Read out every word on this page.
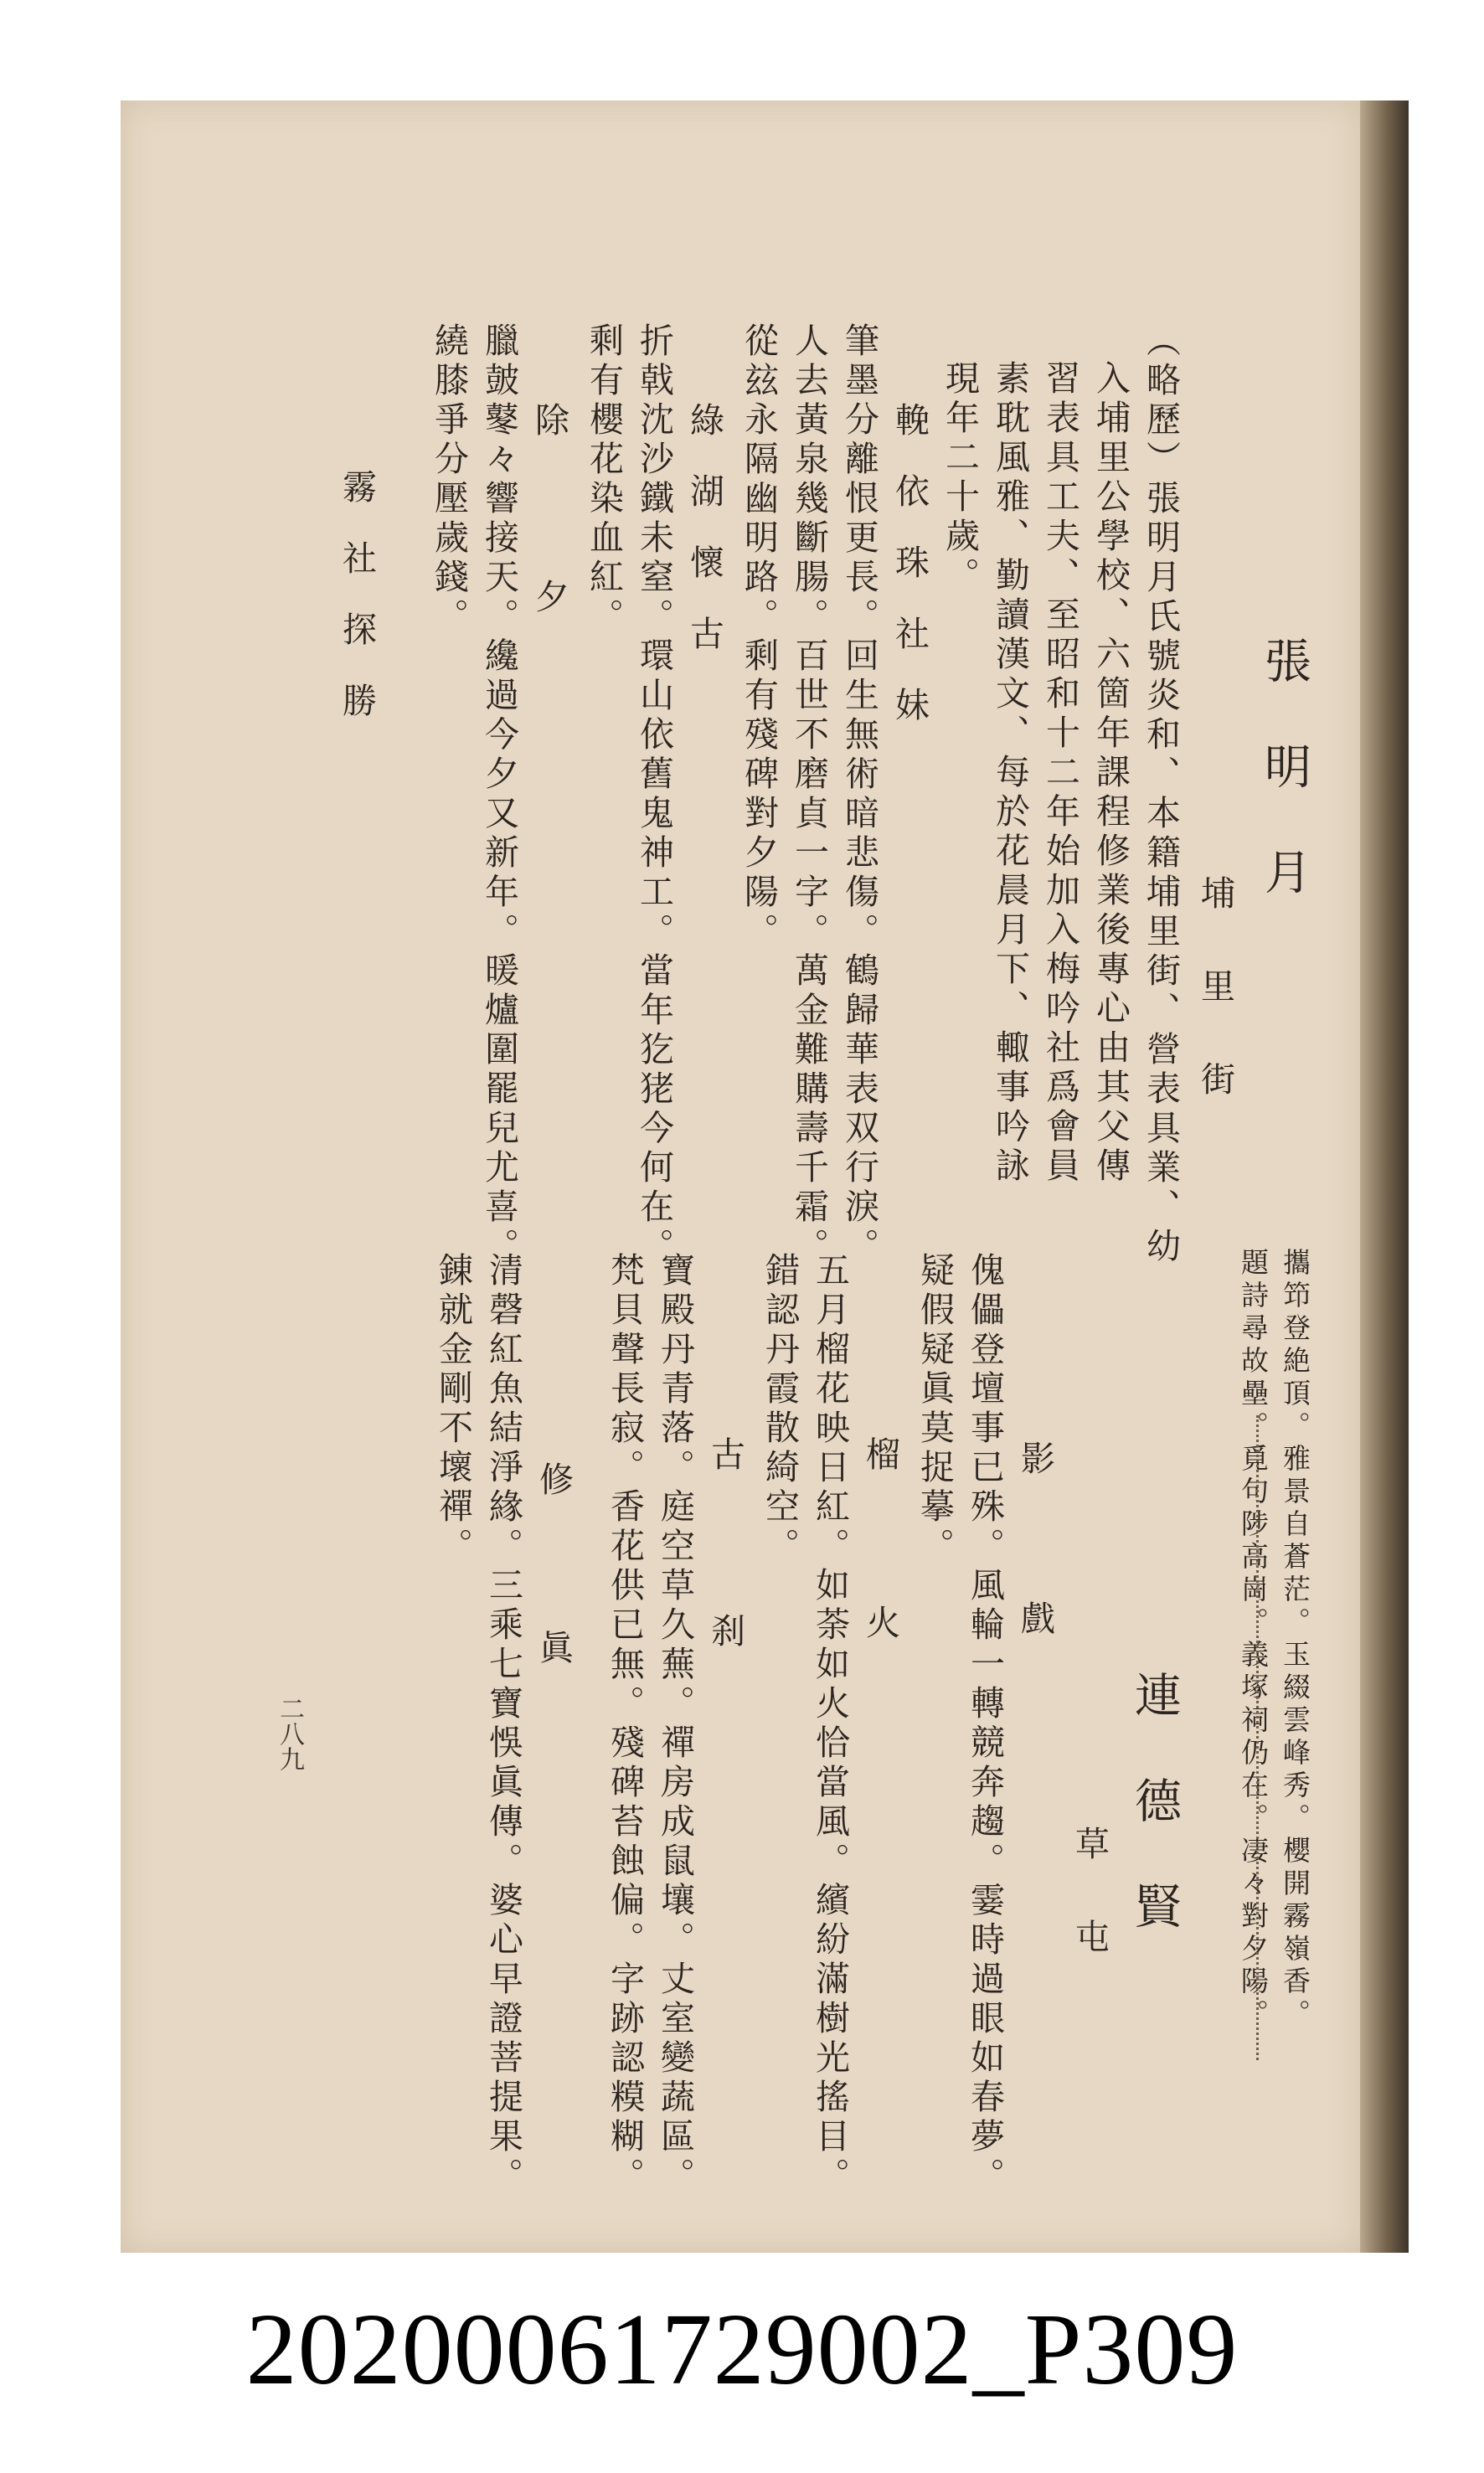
張明月
埔里街
（略歷）張明月氏號炎和、本籍埔里街、營表具業、幼
入埔里公學校、六箇年課程修業後專心由其父傳
習表具工夫、至昭和十二年始加入梅吟社爲會員
素耽風雅、勤讀漢文、每於花晨月下、輙事吟詠
現年二十歲。
輓依珠社妹
筆墨分離恨更長。回生無術暗悲傷。鶴歸華表双行淚。
人去黃泉幾斷腸。百世不磨貞一字。萬金難購壽千霜。
從玆永隔幽明路。剩有殘碑對夕陽。
綠湖懷古
折戟沈沙鐵未窒。環山依舊鬼神工。當年犵狫今何在。
剩有櫻花染血紅。
除夕
臘皷鼕々響接天。纔過今夕又新年。暖爐圍罷兒尤喜。
繞膝爭分壓歲錢。
霧社探勝
攜笻登絶頂。雅景自蒼茫。玉綴雲峰秀。櫻開霧嶺香。
題詩尋故壘。覓句陟高崗。義塚祠仍在。凄々對夕陽。
連德賢
草屯
影戲
傀儡登壇事已殊。風輪一轉競奔趨。霎時過眼如春夢。
疑假疑眞莫捉摹。
榴火
五月榴花映日紅。如荼如火恰當風。繽紛滿樹光搖目。
錯認丹霞散綺空。
古刹
寶殿丹青落。庭空草久蕪。禪房成鼠壤。丈室變蔬區。
梵貝聲長寂。香花供已無。殘碑苔蝕偏。字跡認糢糊。
修眞
清磬紅魚結淨緣。三乘七寶悞眞傳。婆心早證菩提果。
錬就金剛不壞禪。
二八九
20200061729002_P309
